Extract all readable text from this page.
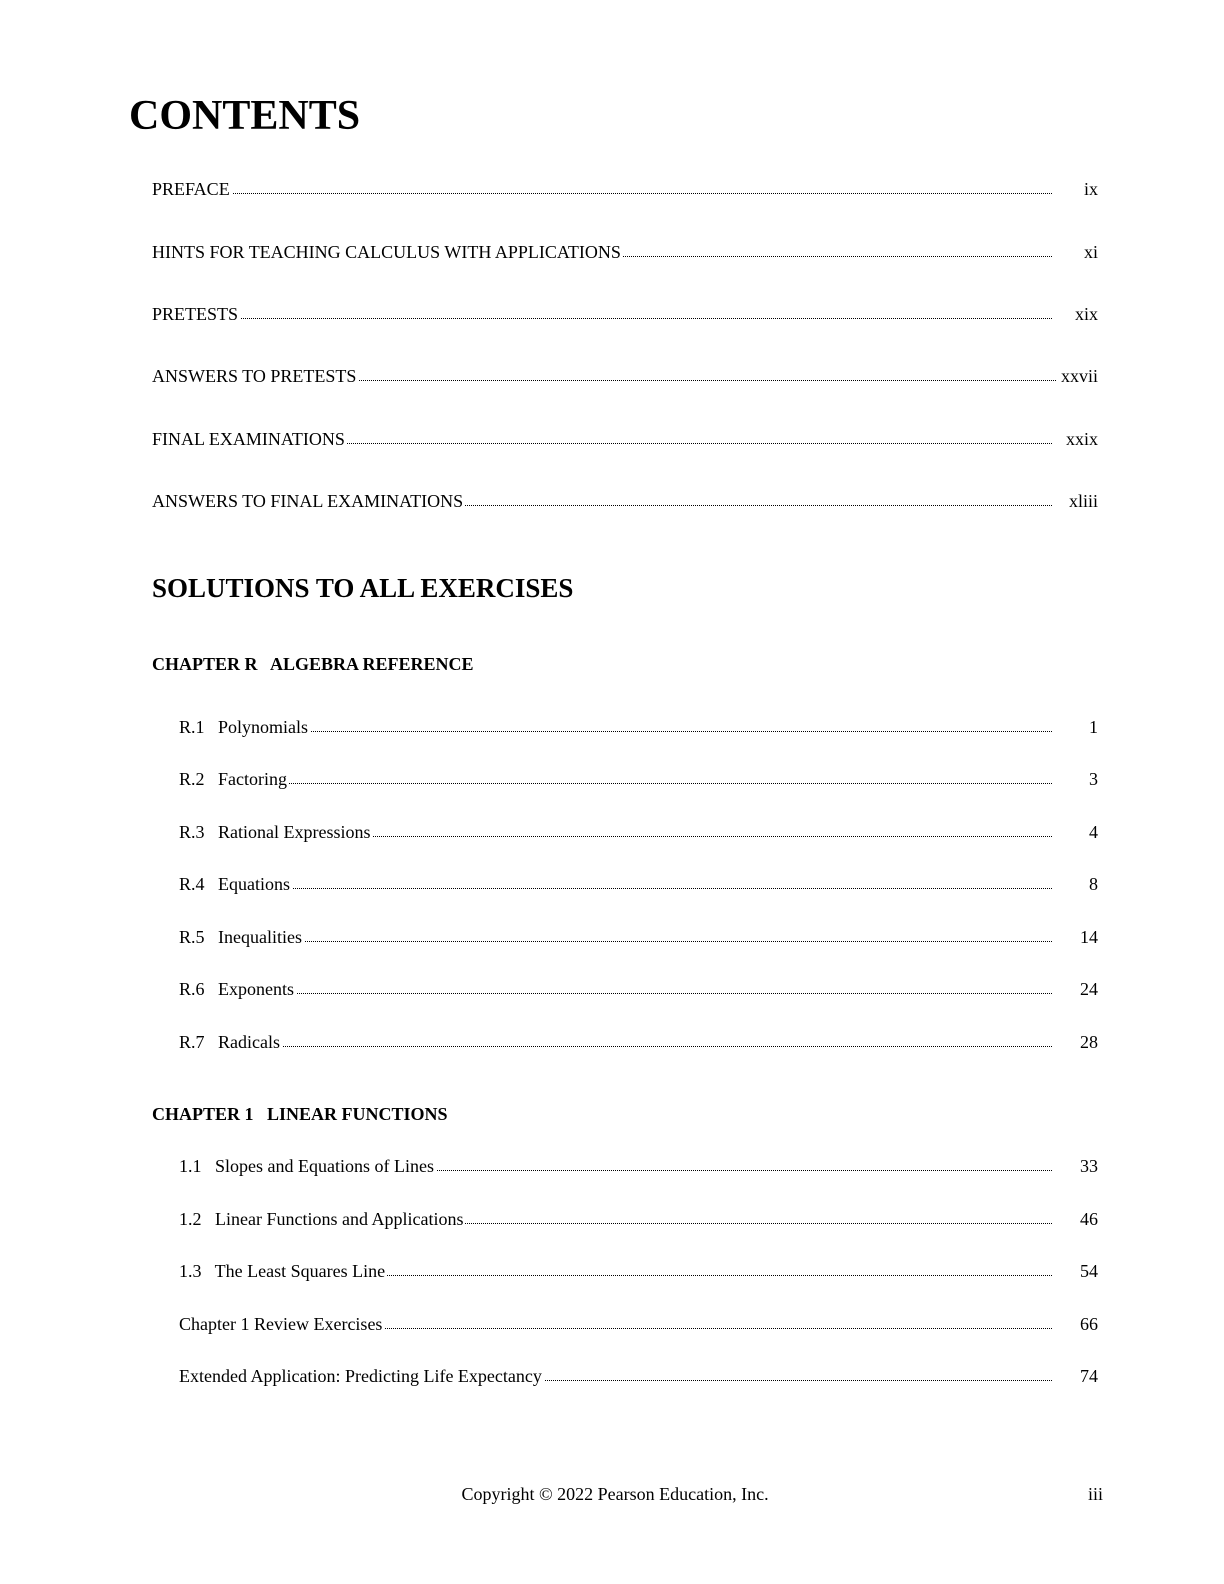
CONTENTS
PREFACE	ix
HINTS FOR TEACHING CALCULUS WITH APPLICATIONS	xi
PRETESTS	xix
ANSWERS TO PRETESTS	xxvii
FINAL EXAMINATIONS	xxix
ANSWERS TO FINAL EXAMINATIONS	xliii
SOLUTIONS TO ALL EXERCISES
CHAPTER R   ALGEBRA REFERENCE
R.1   Polynomials	1
R.2   Factoring	3
R.3   Rational Expressions	4
R.4   Equations	8
R.5   Inequalities	14
R.6   Exponents	24
R.7   Radicals	28
CHAPTER 1   LINEAR FUNCTIONS
1.1   Slopes and Equations of Lines	33
1.2   Linear Functions and Applications	46
1.3   The Least Squares Line	54
Chapter 1 Review Exercises	66
Extended Application: Predicting Life Expectancy	74
Copyright © 2022 Pearson Education, Inc.	iii
